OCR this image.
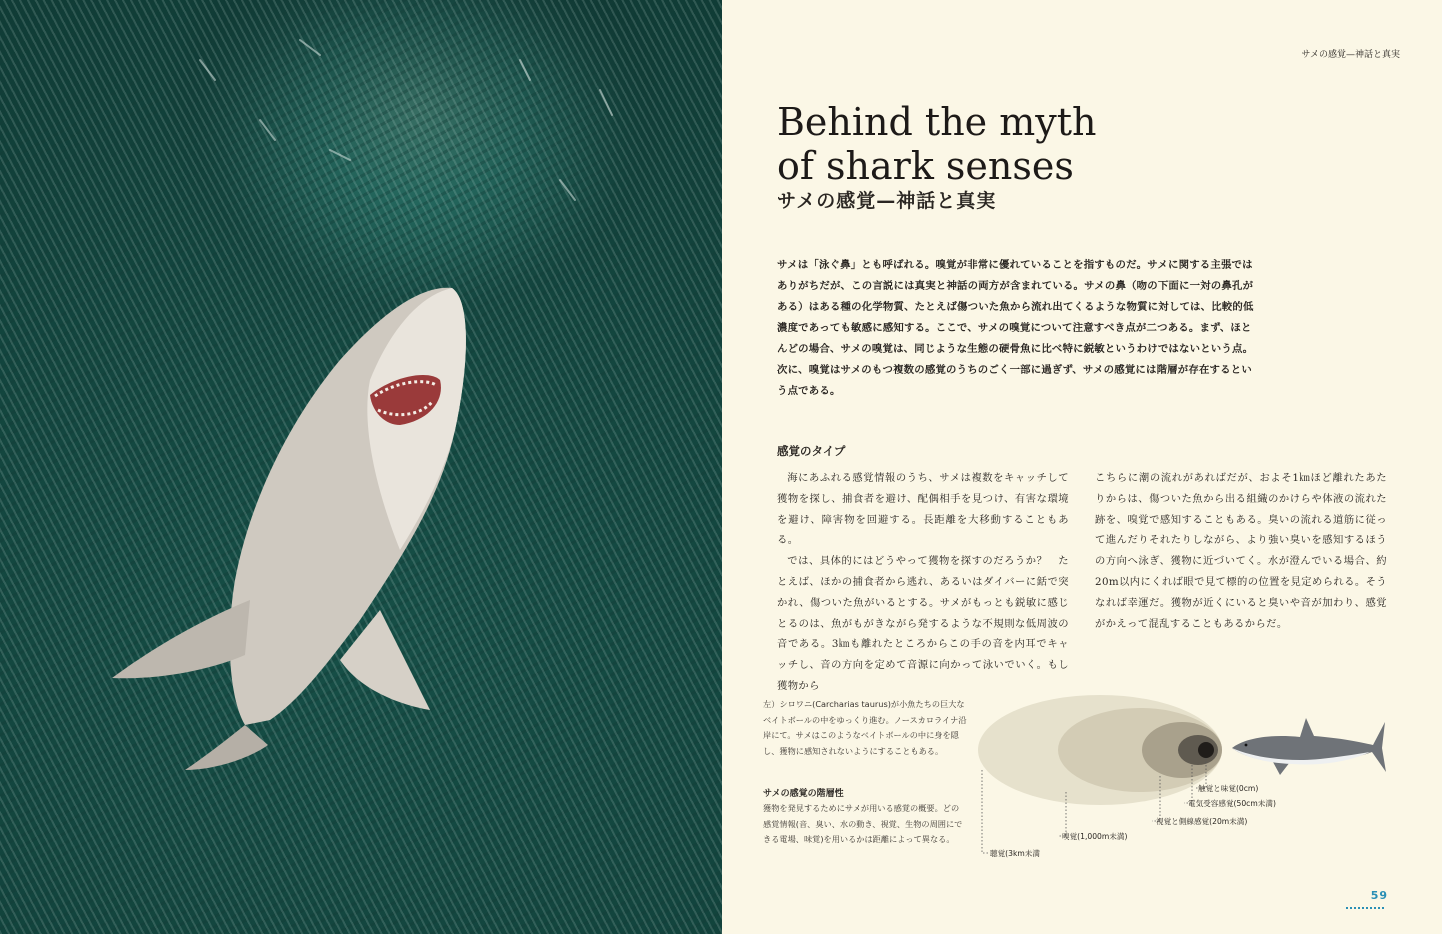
サメの感覚—神話と真実
Behind the myth
of shark senses
サメの感覚—神話と真実
サメは「泳ぐ鼻」とも呼ばれる。嗅覚が非常に優れていることを指すものだ。サメに関する主張ではありがちだが、この言説には真実と神話の両方が含まれている。サメの鼻（吻の下面に一対の鼻孔がある）はある種の化学物質、たとえば傷ついた魚から流れ出てくるような物質に対しては、比較的低濃度であっても敏感に感知する。ここで、サメの嗅覚について注意すべき点が二つある。まず、ほとんどの場合、サメの嗅覚は、同じような生態の硬骨魚に比べ特に鋭敏というわけではないという点。次に、嗅覚はサメのもつ複数の感覚のうちのごく一部に過ぎず、サメの感覚には階層が存在するという点である。
感覚のタイプ

海にあふれる感覚情報のうち、サメは複数をキャッチして獲物を探し、捕食者を避け、配偶相手を見つけ、有害な環境を避け、障害物を回避する。長距離を大移動することもある。

では、具体的にはどうやって獲物を探すのだろうか？　たとえば、ほかの捕食者から逃れ、あるいはダイバーに銛で突かれ、傷ついた魚がいるとする。サメがもっとも鋭敏に感じとるのは、魚がもがきながら発するような不規則な低周波の音である。3㎞も離れたところからこの手の音を内耳でキャッチし、音の方向を定めて音源に向かって泳いでいく。もし獲物から

こちらに潮の流れがあればだが、およそ1㎞ほど離れたあたりからは、傷ついた魚から出る組織のかけらや体液の流れた跡を、嗅覚で感知することもある。臭いの流れる道筋に従って進んだりそれたりしながら、より強い臭いを感知するほうの方向へ泳ぎ、獲物に近づいてく。水が澄んでいる場合、約20m以内にくれば眼で見て標的の位置を見定められる。そうなれば幸運だ。獲物が近くにいると臭いや音が加わり、感覚がかえって混乱することもあるからだ。

左）シロワニ(Carcharias taurus)が小魚たちの巨大なベイトボールの中をゆっくり進む。ノースカロライナ沿岸にて。サメはこのようなベイトボールの中に身を隠し、獲物に感知されないようにすることもある。
サメの感覚の階層性
獲物を発見するためにサメが用いる感覚の概要。どの感覚情報(音、臭い、水の動き、視覚、生物の周囲にできる電場、味覚)を用いるかは距離によって異なる。
触覚と味覚(0cm)
電気受容感覚(50cm未満)
視覚と側線感覚(20m未満)
嗅覚(1,000m未満)
聴覚(3km未満
59
